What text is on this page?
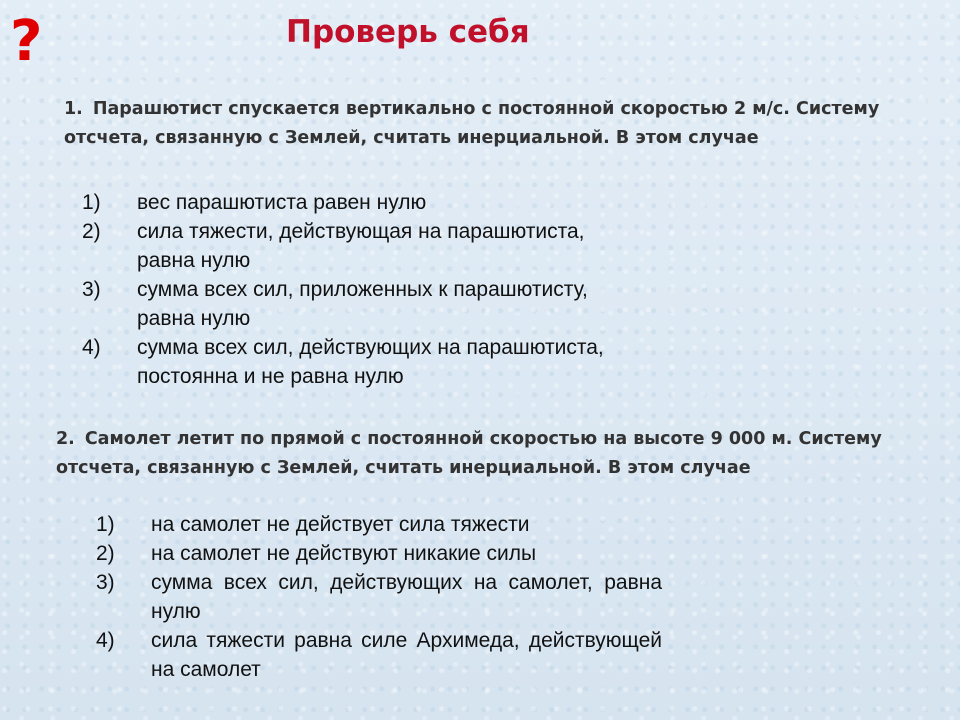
?	Проверь себя
1. Парашютист спускается вертикально с постоянной скоростью 2 м/с. Систему
отсчета, связанную с Землей, считать инерциальной. В этом случае
1)	вес парашютиста равен нулю
2)	сила тяжести, действующая на парашютиста, равна нулю
3)	сумма всех сил, приложенных к парашютисту, равна нулю
4)	сумма всех сил, действующих на парашютиста, постоянна и не равна нулю
2. Самолет летит по прямой с постоянной скоростью на высоте 9 000 м. Систему
отсчета, связанную с Землей, считать инерциальной. В этом случае
1)	на самолет не действует сила тяжести
2)	на самолет не действуют никакие силы
3)	сумма всех сил, действующих на самолет, равна нулю
4)	сила тяжести равна силе Архимеда, действующей на самолет
